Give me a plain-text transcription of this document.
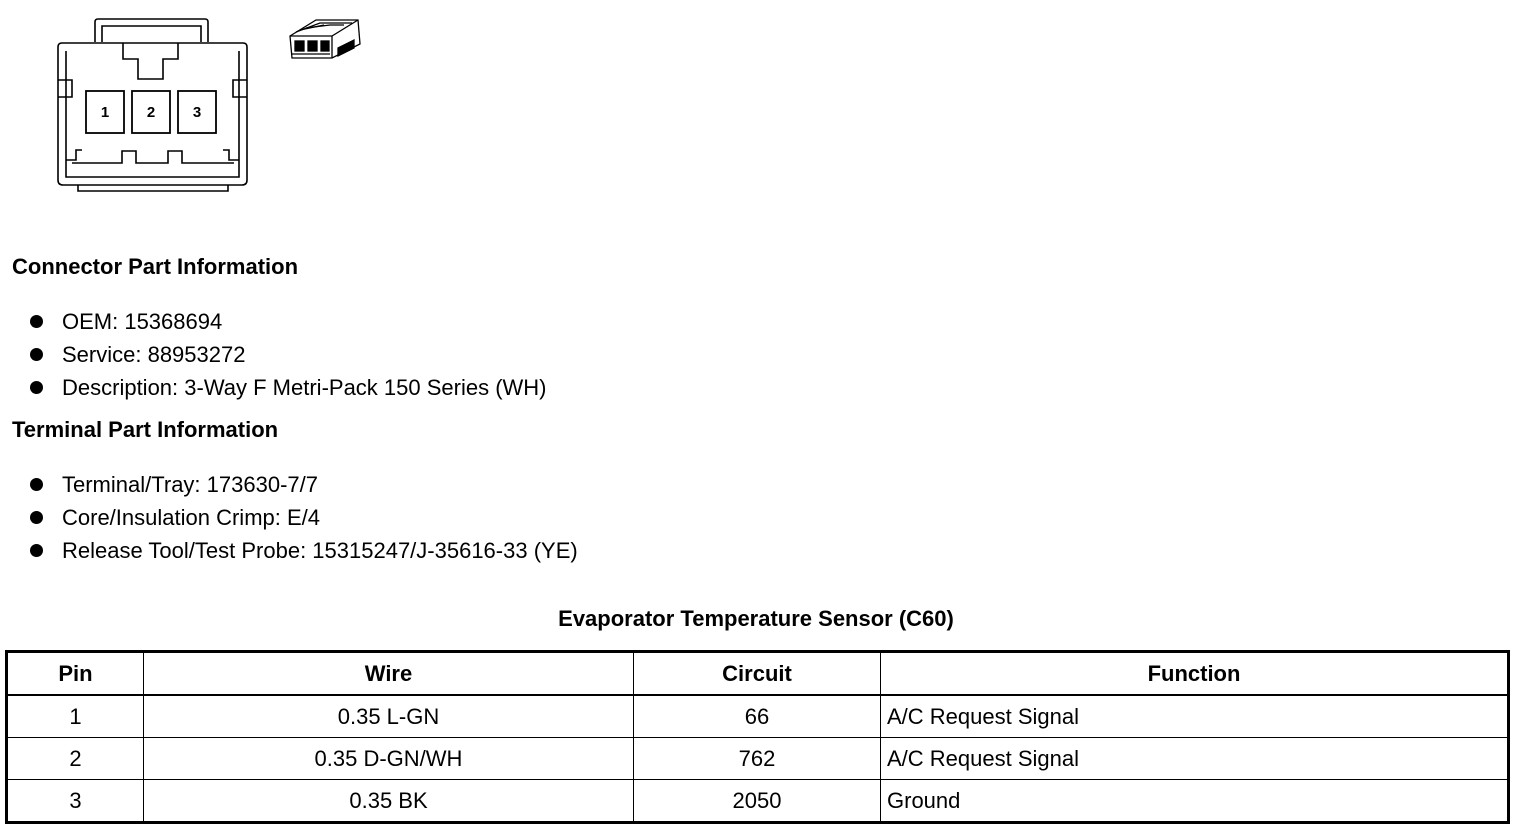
1	2	3
Connector Part Information
OEM: 15368694
Service: 88953272
Description: 3-Way F Metri-Pack 150 Series (WH)
Terminal Part Information
Terminal/Tray: 173630-7/7
Core/Insulation Crimp: E/4
Release Tool/Test Probe: 15315247/J-35616-33 (YE)
Evaporator Temperature Sensor (C60)
Pin	Wire	Circuit	Function
1	0.35 L-GN	66	A/C Request Signal
2	0.35 D-GN/WH	762	A/C Request Signal
3	0.35 BK	2050	Ground
